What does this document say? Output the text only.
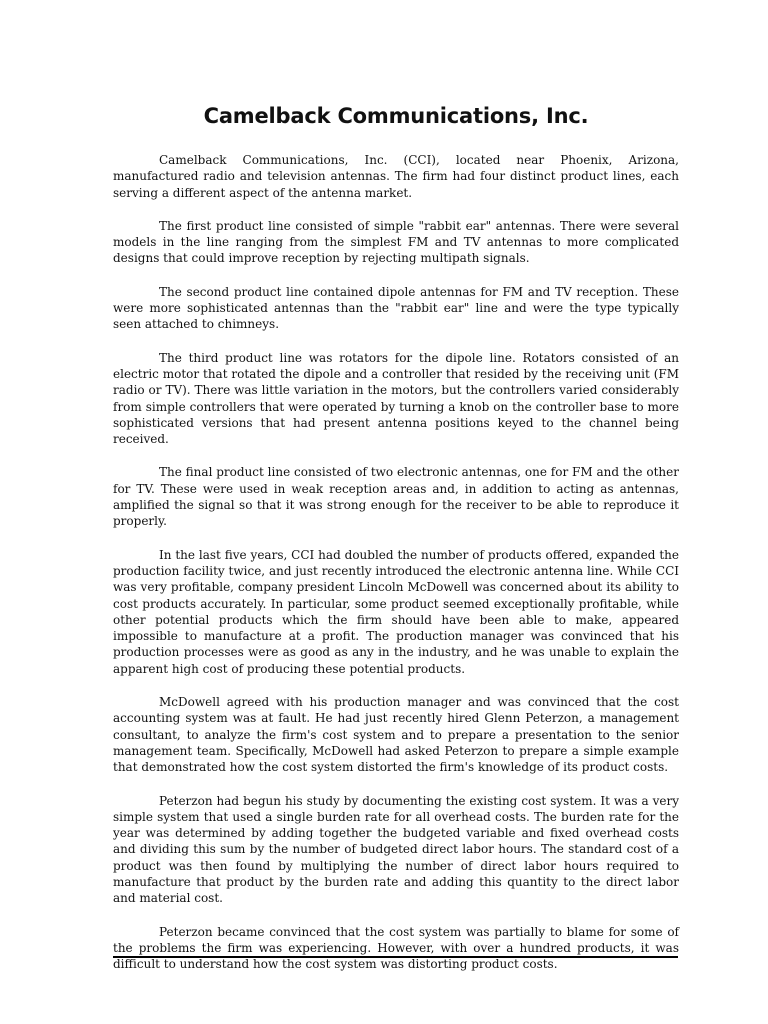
Camelback Communications, Inc.

Camelback Communications, Inc. (CCI), located near Phoenix, Arizona, manufactured radio and television antennas. The firm had four distinct product lines, each serving a different aspect of the antenna market.

The first product line consisted of simple "rabbit ear" antennas. There were several models in the line ranging from the simplest FM and TV antennas to more complicated designs that could improve reception by rejecting multipath signals.

The second product line contained dipole antennas for FM and TV reception. These were more sophisticated antennas than the "rabbit ear" line and were the type typically seen attached to chimneys.

The third product line was rotators for the dipole line. Rotators consisted of an electric motor that rotated the dipole and a controller that resided by the receiving unit (FM radio or TV). There was little variation in the motors, but the controllers varied considerably from simple controllers that were operated by turning a knob on the controller base to more sophisticated versions that had present antenna positions keyed to the channel being received.

The final product line consisted of two electronic antennas, one for FM and the other for TV. These were used in weak reception areas and, in addition to acting as antennas, amplified the signal so that it was strong enough for the receiver to be able to reproduce it properly.

In the last five years, CCI had doubled the number of products offered, expanded the production facility twice, and just recently introduced the electronic antenna line. While CCI was very profitable, company president Lincoln McDowell was concerned about its ability to cost products accurately. In particular, some product seemed exceptionally profitable, while other potential products which the firm should have been able to make, appeared impossible to manufacture at a profit. The production manager was convinced that his production processes were as good as any in the industry, and he was unable to explain the apparent high cost of producing these potential products.

McDowell agreed with his production manager and was convinced that the cost accounting system was at fault. He had just recently hired Glenn Peterzon, a management consultant, to analyze the firm's cost system and to prepare a presentation to the senior management team. Specifically, McDowell had asked Peterzon to prepare a simple example that demonstrated how the cost system distorted the firm's knowledge of its product costs.

Peterzon had begun his study by documenting the existing cost system. It was a very simple system that used a single burden rate for all overhead costs. The burden rate for the year was determined by adding together the budgeted variable and fixed overhead costs and dividing this sum by the number of budgeted direct labor hours. The standard cost of a product was then found by multiplying the number of direct labor hours required to manufacture that product by the burden rate and adding this quantity to the direct labor and material cost.

Peterzon became convinced that the cost system was partially to blame for some of the problems the firm was experiencing. However, with over a hundred products, it was difficult to understand how the cost system was distorting product costs.
